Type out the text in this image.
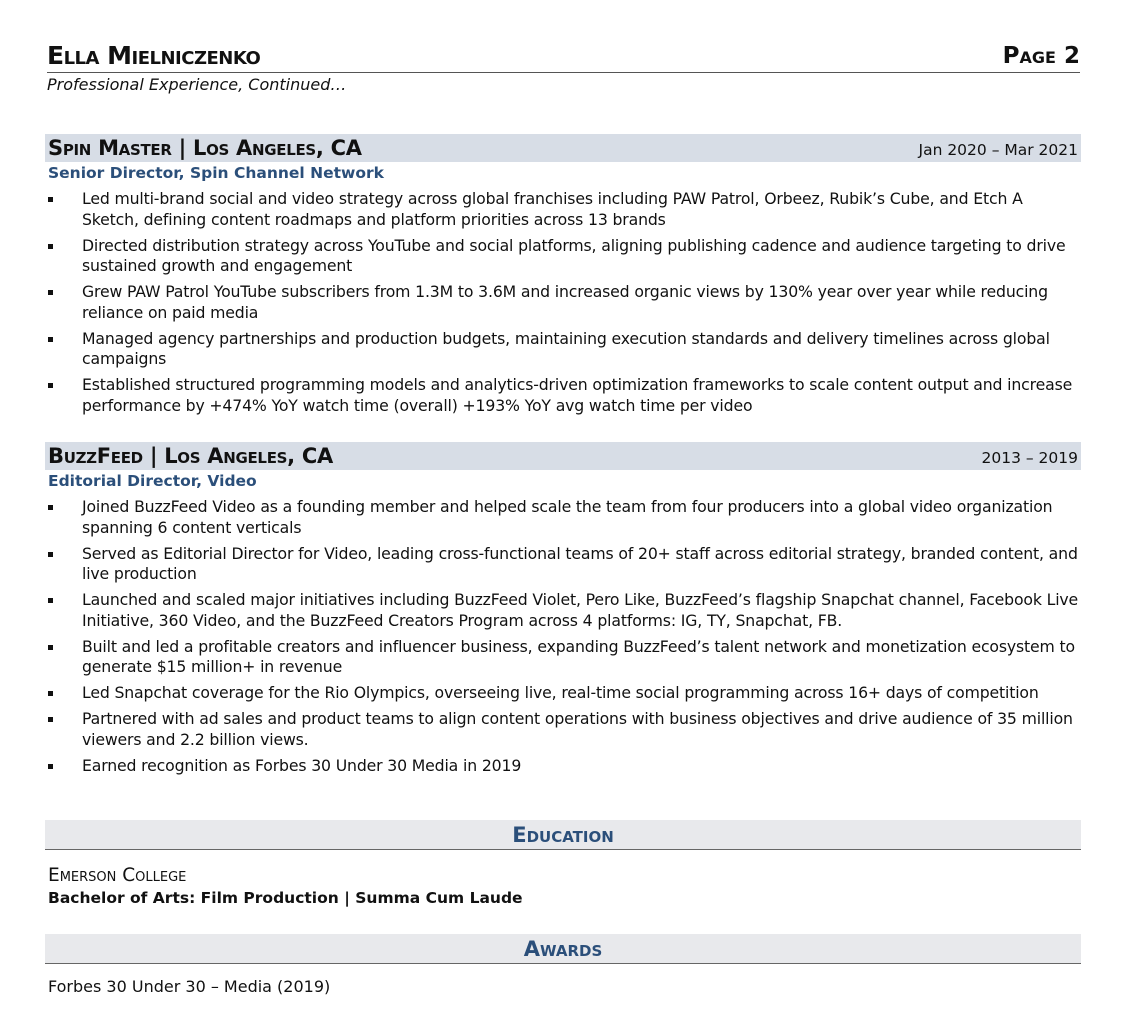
Ella Mielniczenko	Page 2
Professional Experience, Continued…
Spin Master | Los Angeles, CA	Jan 2020 – Mar 2021
Senior Director, Spin Channel Network
Led multi-brand social and video strategy across global franchises including PAW Patrol, Orbeez, Rubik’s Cube, and Etch A Sketch, defining content roadmaps and platform priorities across 13 brands
Directed distribution strategy across YouTube and social platforms, aligning publishing cadence and audience targeting to drive sustained growth and engagement
Grew PAW Patrol YouTube subscribers from 1.3M to 3.6M and increased organic views by 130% year over year while reducing reliance on paid media
Managed agency partnerships and production budgets, maintaining execution standards and delivery timelines across global campaigns
Established structured programming models and analytics-driven optimization frameworks to scale content output and increase performance by +474% YoY watch time (overall) +193% YoY avg watch time per video
BuzzFeed | Los Angeles, CA	2013 – 2019
Editorial Director, Video
Joined BuzzFeed Video as a founding member and helped scale the team from four producers into a global video organization spanning 6 content verticals
Served as Editorial Director for Video, leading cross-functional teams of 20+ staff across editorial strategy, branded content, and live production
Launched and scaled major initiatives including BuzzFeed Violet, Pero Like, BuzzFeed’s flagship Snapchat channel, Facebook Live Initiative, 360 Video, and the BuzzFeed Creators Program across 4 platforms: IG, TY, Snapchat, FB.
Built and led a profitable creators and influencer business, expanding BuzzFeed’s talent network and monetization ecosystem to generate $15 million+ in revenue
Led Snapchat coverage for the Rio Olympics, overseeing live, real-time social programming across 16+ days of competition
Partnered with ad sales and product teams to align content operations with business objectives and drive audience of 35 million viewers and 2.2 billion views.
Earned recognition as Forbes 30 Under 30 Media in 2019
Education
Emerson College
Bachelor of Arts: Film Production | Summa Cum Laude
Awards
Forbes 30 Under 30 – Media (2019)
